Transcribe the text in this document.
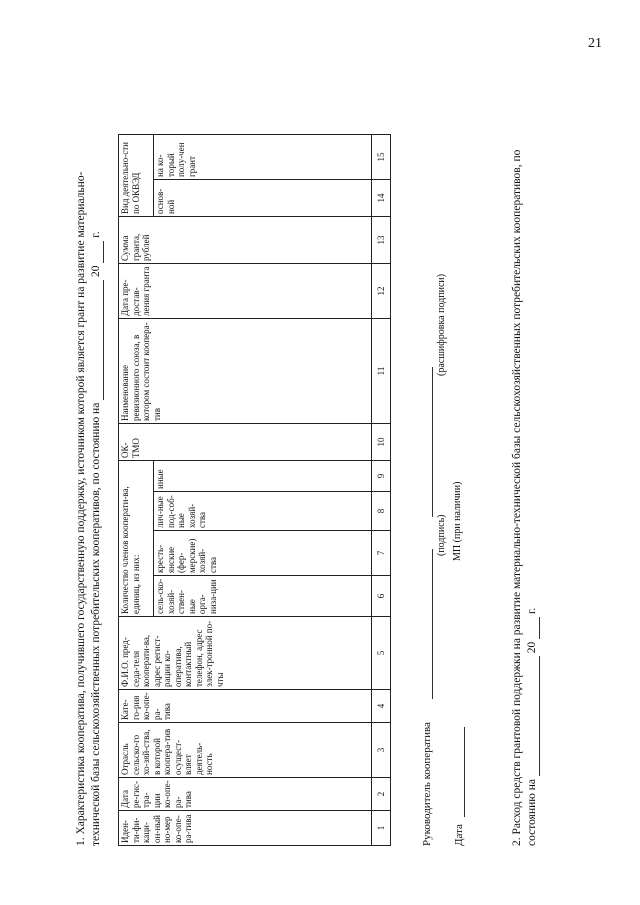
21
1. Характеристика кооператива, получившего государственную поддержку, источником которой является грант на развитие материально-технической базы сельскохозяйственных потребительских кооперативов, по состоянию на  20  г.
Иден-ти-фи-каци-он-ный но-мер ко-опе-ра-тива	Дата ре-гис-тра-ции ко-опе-ра-тива	Отрасль сельско-го хо-зяй-ства, в которой коопера-тив осущест-вляет деятель-ность	Кате-го-рия ко-опе-ра-тива	Ф.И.О. пред-седа-теля кооперати-ва, адрес регист-рации ко-оператива, контактный телефон, адрес элек-тронной по-чты	Количество членов кооперати-ва, единиц, из них:				ОК-ТМО	Наименование ревизионного союза, в котором состоит коопера-тив	Дата пре-достав-ления гранта	Сумма гранта, рублей	Вид деятельно-сти по ОКВЭД	
					сель-ско-хозяй-ствен-ные орга-низа-ции	кресть-янские (фер-мерские) хозяй-ства	лич-ные под-соб-ные хозяй-ства	иные					основ-ной	на ко-торый полу-чен грант
1	2	3	4	5	6	7	8	9	10	11	12	13	14	15
Руководитель кооператива
(подпись)
(расшифровка подписи)
Дата
МП (при наличии)	2. Расход средств грантовой поддержки на развитие материально-технической базы сельскохозяйственных потребительских кооперативов, по состоянию на  20  г.
